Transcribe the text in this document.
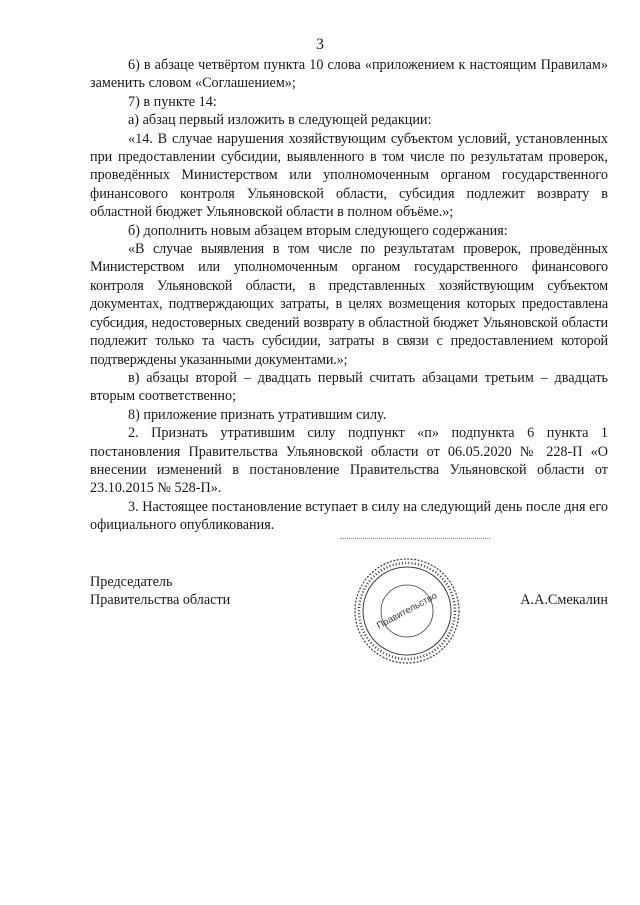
3

6) в абзаце четвёртом пункта 10 слова «приложением к настоящим Правилам» заменить словом «Соглашением»;

7) в пункте 14:

а) абзац первый изложить в следующей редакции:

«14. В случае нарушения хозяйствующим субъектом условий, установленных при предоставлении субсидии, выявленного в том числе по результатам проверок, проведённых Министерством или уполномоченным органом государственного финансового контроля Ульяновской области, субсидия подлежит возврату в областной бюджет Ульяновской области в полном объёме.»;

б) дополнить новым абзацем вторым следующего содержания:

«В случае выявления в том числе по результатам проверок, проведённых Министерством или уполномоченным органом государственного финансового контроля Ульяновской области, в представленных хозяйствующим субъектом документах, подтверждающих затраты, в целях возмещения которых предоставлена субсидия, недостоверных сведений возврату в областной бюджет Ульяновской области подлежит только та часть субсидии, затраты в связи с предоставлением которой подтверждены указанными документами.»;

в) абзацы второй – двадцать первый считать абзацами третьим – двадцать вторым соответственно;

8) приложение признать утратившим силу.

2. Признать утратившим силу подпункт «п» подпункта 6 пункта 1 постановления Правительства Ульяновской области от 06.05.2020 № 228-П «О внесении изменений в постановление Правительства Ульяновской области от 23.10.2015 № 528-П».

3. Настоящее постановление вступает в силу на следующий день после дня его официального опубликования.

Правительство
Председатель
Правительства области	А.А.Смекалин
